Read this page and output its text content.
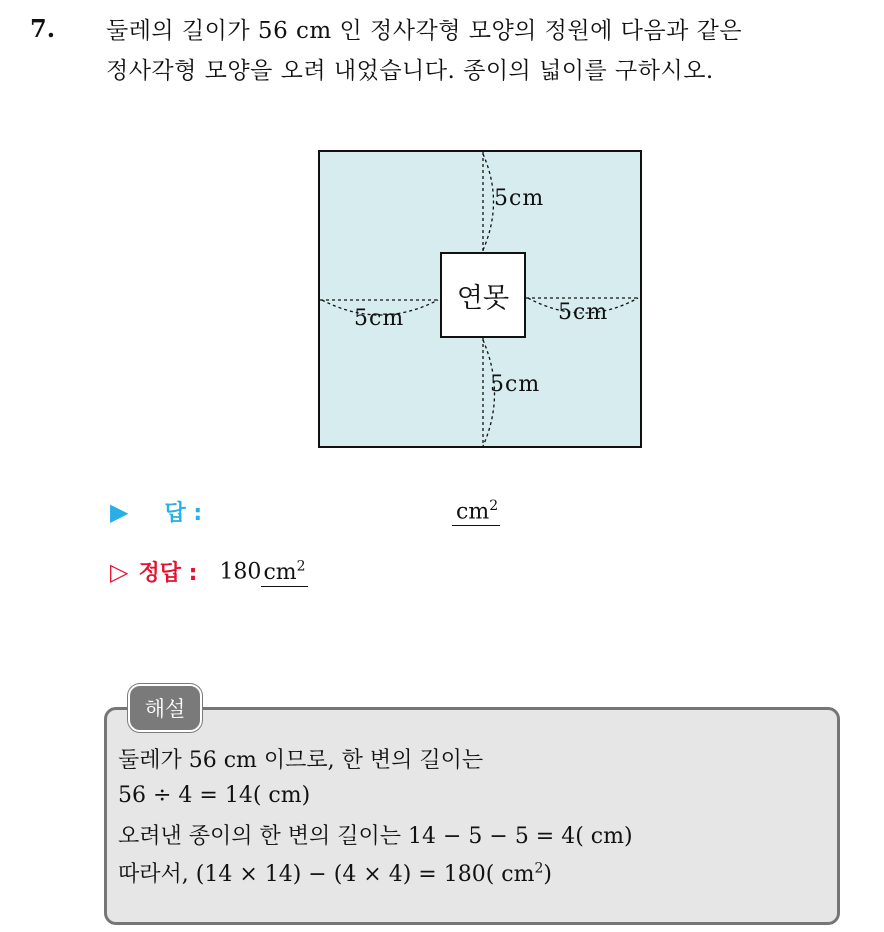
7. 둘레의 길이가 56 cm 인 정사각형 모양의 정원에 다음과 같은
정사각형 모양을 오려 내었습니다. 종이의 넓이를 구하시오.
5cm
5cm	5cm
5cm
연못
▶ 답 :	$cm^2$
▷ 정답 : $180cm^2$
해설
둘레가 56 cm 이므로, 한 변의 길이는
56 ÷ 4 = 14( cm)
오려낸 종이의 한 변의 길이는 14 − 5 − 5 = 4( cm)
따라서, (14 × 14) − (4 × 4) = 180( $cm^2$)
